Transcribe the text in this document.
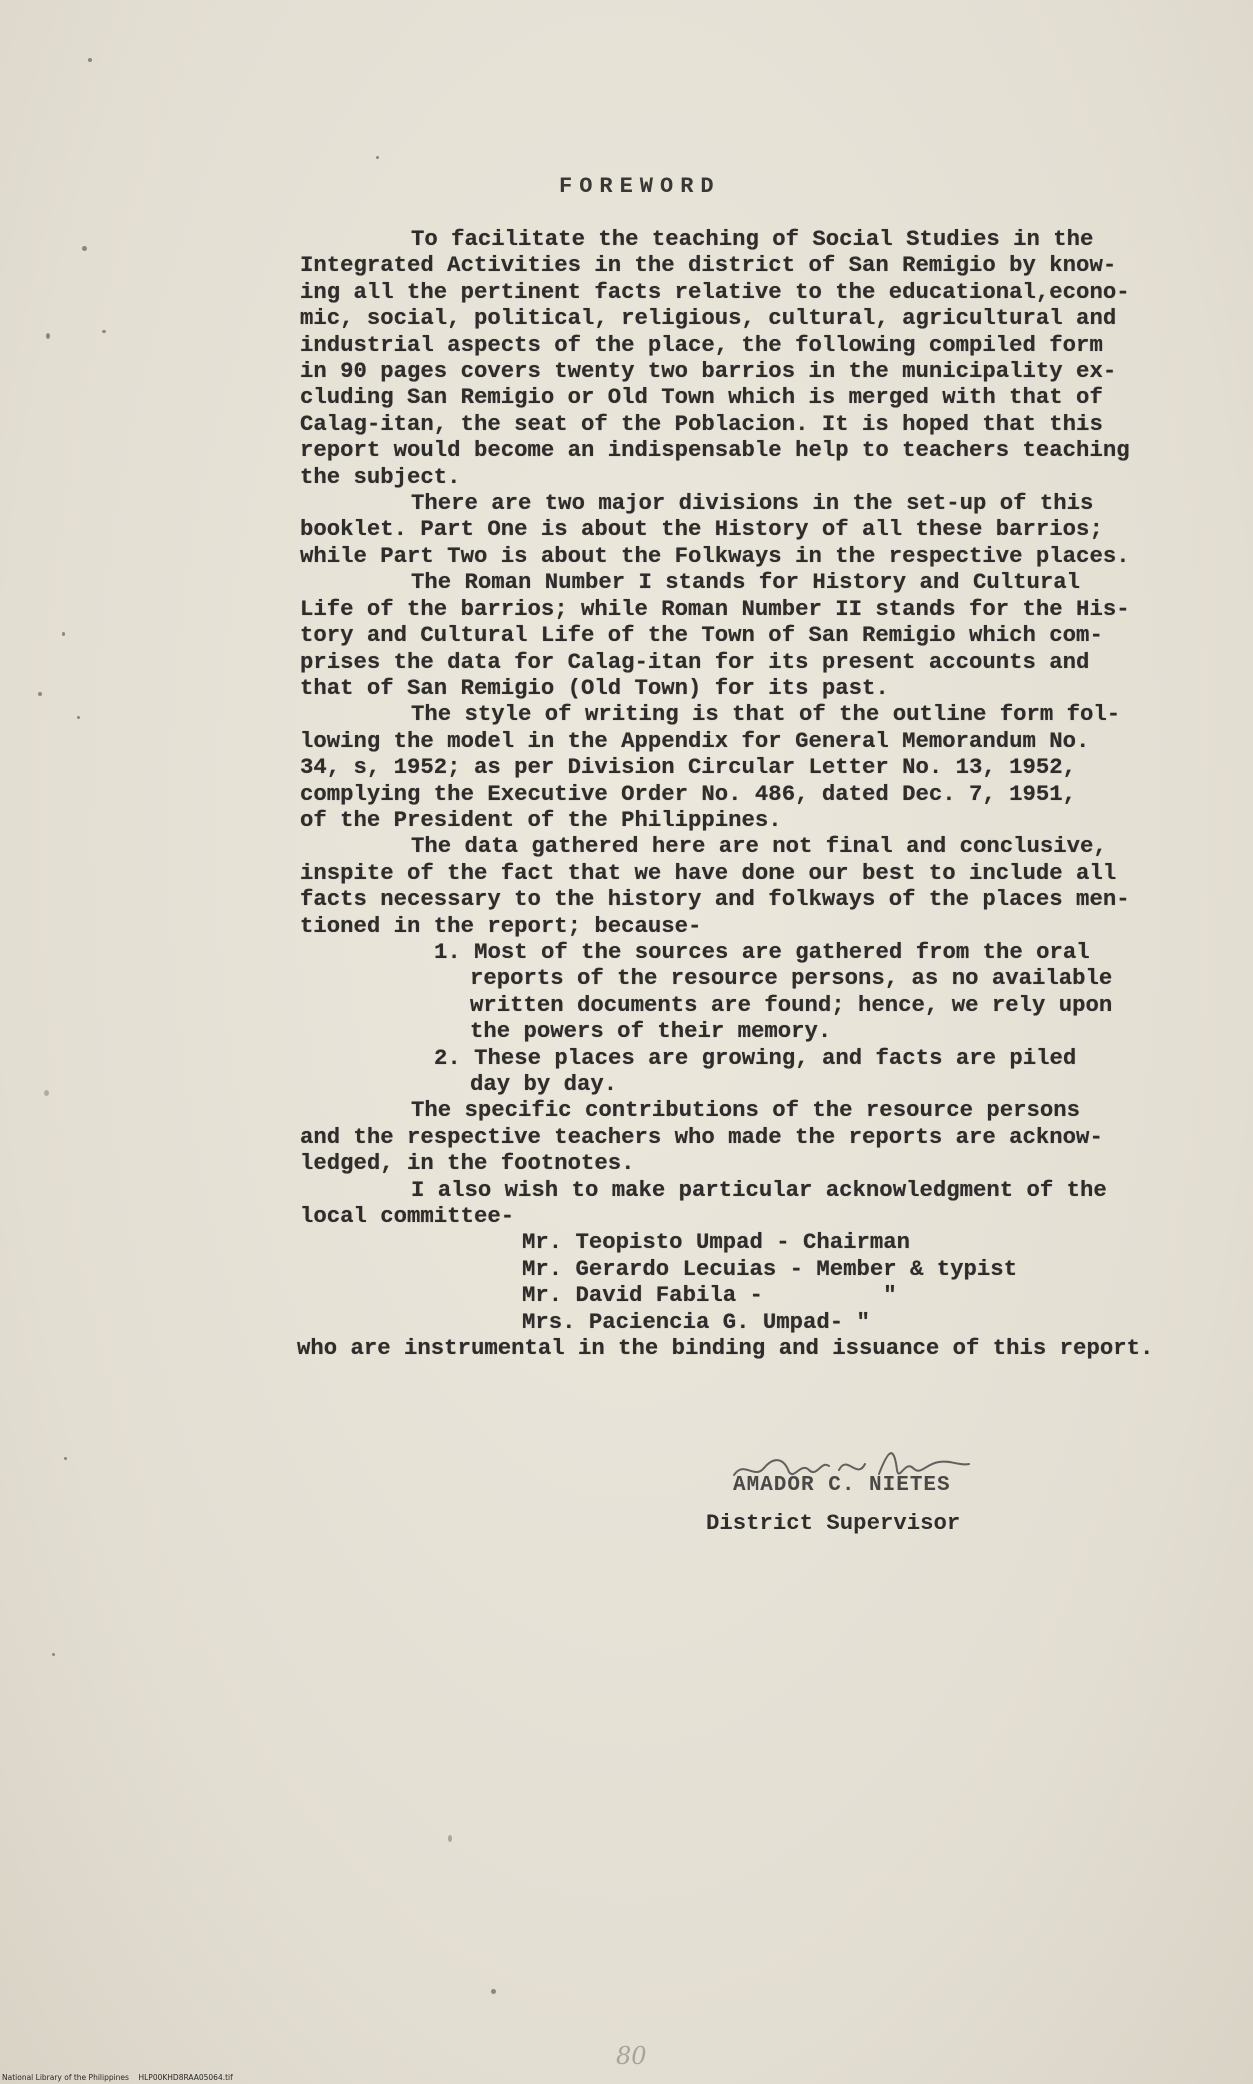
FOREWORD
To facilitate the teaching of Social Studies in the
Integrated Activities in the district of San Remigio by know-
ing all the pertinent facts relative to the educational,econo-
mic, social, political, religious, cultural, agricultural and
industrial aspects of the place, the following compiled form
in 90 pages covers twenty two barrios in the municipality ex-
cluding San Remigio or Old Town which is merged with that of
Calag-itan, the seat of the Poblacion. It is hoped that this
report would become an indispensable help to teachers teaching
the subject.
There are two major divisions in the set-up of this
booklet. Part One is about the History of all these barrios;
while Part Two is about the Folkways in the respective places.
The Roman Number I stands for History and Cultural
Life of the barrios; while Roman Number II stands for the His-
tory and Cultural Life of the Town of San Remigio which com-
prises the data for Calag-itan for its present accounts and
that of San Remigio (Old Town) for its past.
The style of writing is that of the outline form fol-
lowing the model in the Appendix for General Memorandum No.
34, s, 1952; as per Division Circular Letter No. 13, 1952,
complying the Executive Order No. 486, dated Dec. 7, 1951,
of the President of the Philippines.
The data gathered here are not final and conclusive,
inspite of the fact that we have done our best to include all
facts necessary to the history and folkways of the places men-
tioned in the report; because-
1. Most of the sources are gathered from the oral
reports of the resource persons, as no available
written documents are found; hence, we rely upon
the powers of their memory.
2. These places are growing, and facts are piled
day by day.
The specific contributions of the resource persons
and the respective teachers who made the reports are acknow-
ledged, in the footnotes.
I also wish to make particular acknowledgment of the
local committee-
Mr. Teopisto Umpad - Chairman
Mr. Gerardo Lecuias - Member & typist
Mr. David Fabila -         "
Mrs. Paciencia G. Umpad- "
who are instrumental in the binding and issuance of this report.
AMADOR C. NIETES
District Supervisor
80
National Library of the Philippines    HLP00KHD8RAA05064.tif
